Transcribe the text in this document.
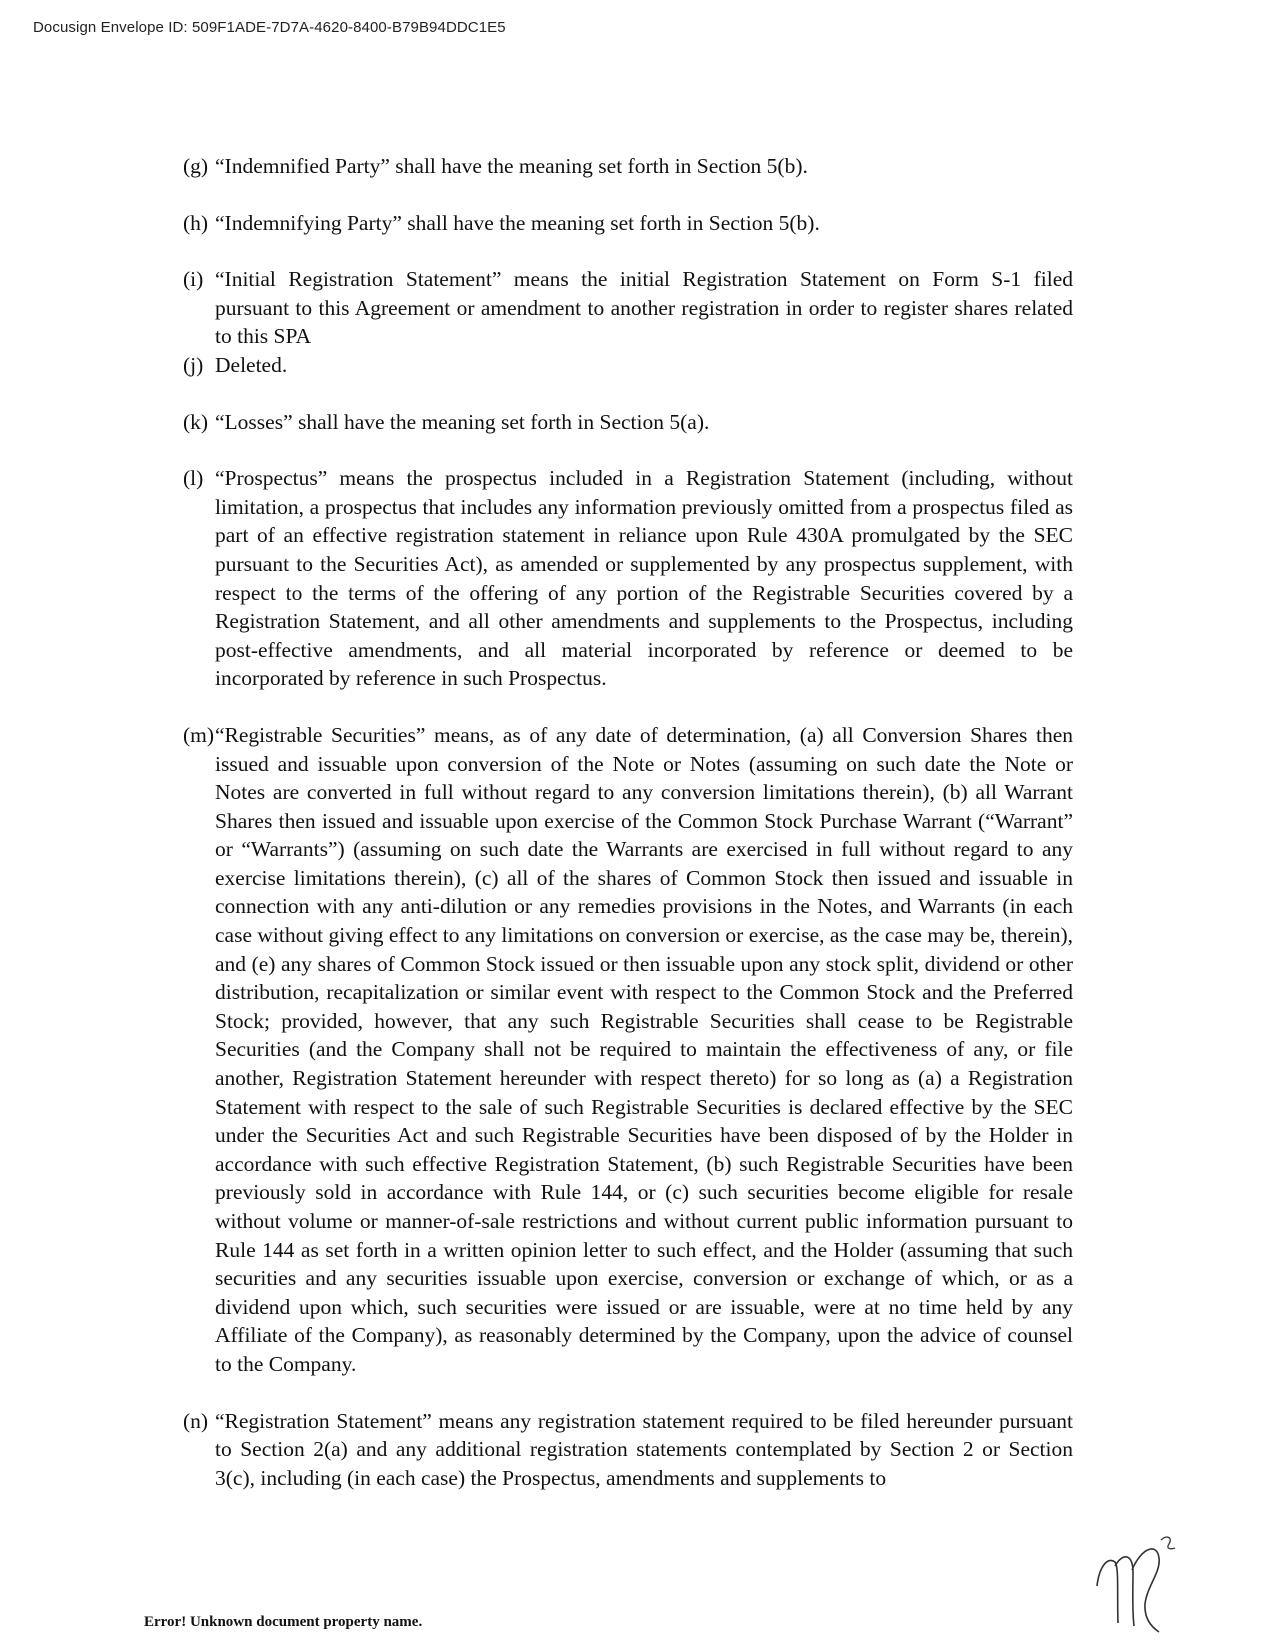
Docusign Envelope ID: 509F1ADE-7D7A-4620-8400-B79B94DDC1E5
(g) “Indemnified Party” shall have the meaning set forth in Section 5(b).
(h) “Indemnifying Party” shall have the meaning set forth in Section 5(b).
(i) “Initial Registration Statement” means the initial Registration Statement on Form S-1 filed pursuant to this Agreement or amendment to another registration in order to register shares related to this SPA
(j) Deleted.
(k) “Losses” shall have the meaning set forth in Section 5(a).
(l) “Prospectus” means the prospectus included in a Registration Statement (including, without limitation, a prospectus that includes any information previously omitted from a prospectus filed as part of an effective registration statement in reliance upon Rule 430A promulgated by the SEC pursuant to the Securities Act), as amended or supplemented by any prospectus supplement, with respect to the terms of the offering of any portion of the Registrable Securities covered by a Registration Statement, and all other amendments and supplements to the Prospectus, including post-effective amendments, and all material incorporated by reference or deemed to be incorporated by reference in such Prospectus.
(m) “Registrable Securities” means, as of any date of determination, (a) all Conversion Shares then issued and issuable upon conversion of the Note or Notes (assuming on such date the Note or Notes are converted in full without regard to any conversion limitations therein), (b) all Warrant Shares then issued and issuable upon exercise of the Common Stock Purchase Warrant (“Warrant” or “Warrants”) (assuming on such date the Warrants are exercised in full without regard to any exercise limitations therein), (c) all of the shares of Common Stock then issued and issuable in connection with any anti-dilution or any remedies provisions in the Notes, and Warrants (in each case without giving effect to any limitations on conversion or exercise, as the case may be, therein), and (e) any shares of Common Stock issued or then issuable upon any stock split, dividend or other distribution, recapitalization or similar event with respect to the Common Stock and the Preferred Stock; provided, however, that any such Registrable Securities shall cease to be Registrable Securities (and the Company shall not be required to maintain the effectiveness of any, or file another, Registration Statement hereunder with respect thereto) for so long as (a) a Registration Statement with respect to the sale of such Registrable Securities is declared effective by the SEC under the Securities Act and such Registrable Securities have been disposed of by the Holder in accordance with such effective Registration Statement, (b) such Registrable Securities have been previously sold in accordance with Rule 144, or (c) such securities become eligible for resale without volume or manner-of-sale restrictions and without current public information pursuant to Rule 144 as set forth in a written opinion letter to such effect, and the Holder (assuming that such securities and any securities issuable upon exercise, conversion or exchange of which, or as a dividend upon which, such securities were issued or are issuable, were at no time held by any Affiliate of the Company), as reasonably determined by the Company, upon the advice of counsel to the Company.
(n) “Registration Statement” means any registration statement required to be filed hereunder pursuant to Section 2(a) and any additional registration statements contemplated by Section 2 or Section 3(c), including (in each case) the Prospectus, amendments and supplements to
Error! Unknown document property name.
